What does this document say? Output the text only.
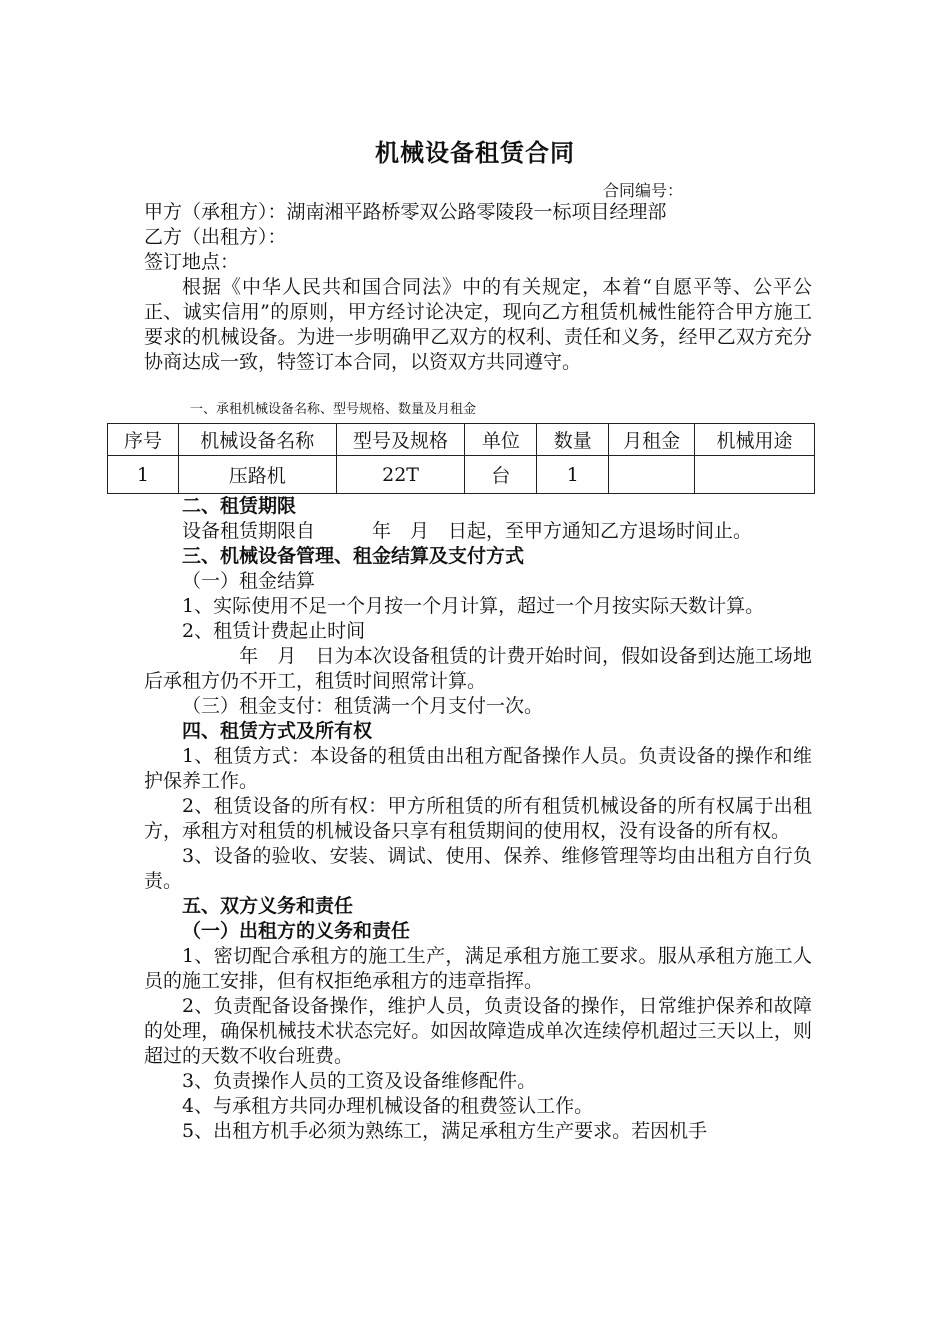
机械设备租赁合同
合同编号：
甲方（承租方）：湖南湘平路桥零双公路零陵段一标项目经理部
乙方（出租方）：
签订地点：
根据《中华人民共和国合同法》中的有关规定，本着“自愿平等、公平公正、诚实信用”的原则，甲方经讨论决定，现向乙方租赁机械性能符合甲方施工要求的机械设备。为进一步明确甲乙双方的权利、责任和义务，经甲乙双方充分协商达成一致，特签订本合同，以资双方共同遵守。
一、承租机械设备名称、型号规格、数量及月租金
序号	机械设备名称	型号及规格	单位	数量	月租金	机械用途
1	压路机	22T	台	1		
二、租赁期限
设备租赁期限自　　　年　月　日起，至甲方通知乙方退场时间止。
三、机械设备管理、租金结算及支付方式
（一）租金结算
1、实际使用不足一个月按一个月计算，超过一个月按实际天数计算。
2、租赁计费起止时间
　年　月　日为本次设备租赁的计费开始时间，假如设备到达施工场地后承租方仍不开工，租赁时间照常计算。
（三）租金支付：租赁满一个月支付一次。
四、租赁方式及所有权
1、租赁方式：本设备的租赁由出租方配备操作人员。负责设备的操作和维护保养工作。
2、租赁设备的所有权：甲方所租赁的所有租赁机械设备的所有权属于出租方，承租方对租赁的机械设备只享有租赁期间的使用权，没有设备的所有权。
3、设备的验收、安装、调试、使用、保养、维修管理等均由出租方自行负责。
五、双方义务和责任
（一）出租方的义务和责任
1、密切配合承租方的施工生产，满足承租方施工要求。服从承租方施工人员的施工安排，但有权拒绝承租方的违章指挥。
2、负责配备设备操作，维护人员，负责设备的操作，日常维护保养和故障的处理，确保机械技术状态完好。如因故障造成单次连续停机超过三天以上，则超过的天数不收台班费。
3、负责操作人员的工资及设备维修配件。
4、与承租方共同办理机械设备的租费签认工作。
5、出租方机手必须为熟练工，满足承租方生产要求。若因机手
